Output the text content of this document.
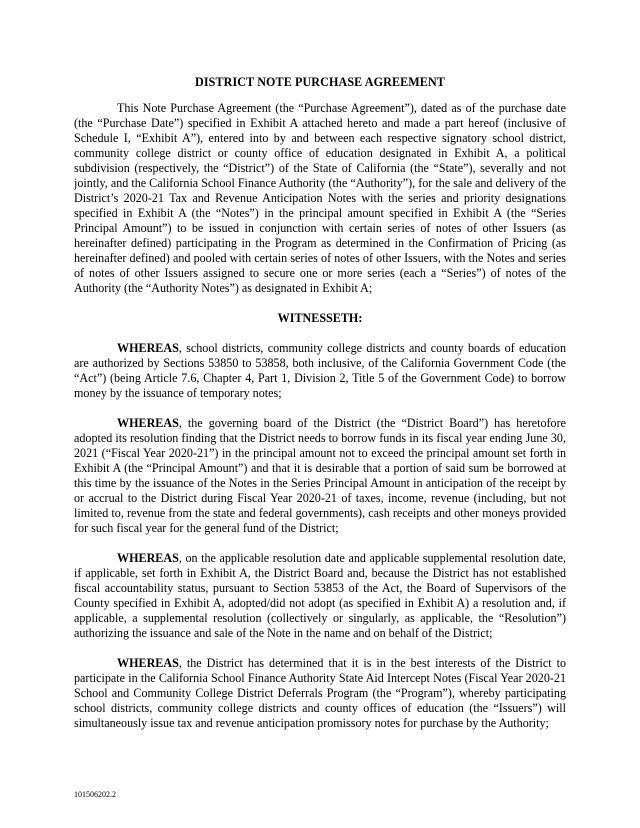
DISTRICT NOTE PURCHASE AGREEMENT

This Note Purchase Agreement (the “Purchase Agreement”), dated as of the purchase date (the “Purchase Date”) specified in Exhibit A attached hereto and made a part hereof (inclusive of Schedule I, “Exhibit A”), entered into by and between each respective signatory school district, community college district or county office of education designated in Exhibit A, a political subdivision (respectively, the “District”) of the State of California (the “State”), severally and not jointly, and the California School Finance Authority (the “Authority”), for the sale and delivery of the District’s 2020-21 Tax and Revenue Anticipation Notes with the series and priority designations specified in Exhibit A (the “Notes”) in the principal amount specified in Exhibit A (the “Series Principal Amount”) to be issued in conjunction with certain series of notes of other Issuers (as hereinafter defined) participating in the Program as determined in the Confirmation of Pricing (as hereinafter defined) and pooled with certain series of notes of other Issuers, with the Notes and series of notes of other Issuers assigned to secure one or more series (each a “Series”) of notes of the Authority (the “Authority Notes”) as designated in Exhibit A;

WITNESSETH:

WHEREAS, school districts, community college districts and county boards of education are authorized by Sections 53850 to 53858, both inclusive, of the California Government Code (the “Act”) (being Article 7.6, Chapter 4, Part 1, Division 2, Title 5 of the Government Code) to borrow money by the issuance of temporary notes;

WHEREAS, the governing board of the District (the “District Board”) has heretofore adopted its resolution finding that the District needs to borrow funds in its fiscal year ending June 30, 2021 (“Fiscal Year 2020-21”) in the principal amount not to exceed the principal amount set forth in Exhibit A (the “Principal Amount”) and that it is desirable that a portion of said sum be borrowed at this time by the issuance of the Notes in the Series Principal Amount in anticipation of the receipt by or accrual to the District during Fiscal Year 2020-21 of taxes, income, revenue (including, but not limited to, revenue from the state and federal governments), cash receipts and other moneys provided for such fiscal year for the general fund of the District;

WHEREAS, on the applicable resolution date and applicable supplemental resolution date, if applicable, set forth in Exhibit A, the District Board and, because the District has not established fiscal accountability status, pursuant to Section 53853 of the Act, the Board of Supervisors of the County specified in Exhibit A, adopted/did not adopt (as specified in Exhibit A) a resolution and, if applicable, a supplemental resolution (collectively or singularly, as applicable, the “Resolution”) authorizing the issuance and sale of the Note in the name and on behalf of the District;

WHEREAS, the District has determined that it is in the best interests of the District to participate in the California School Finance Authority State Aid Intercept Notes (Fiscal Year 2020-21 School and Community College District Deferrals Program (the “Program”), whereby participating school districts, community college districts and county offices of education (the “Issuers”) will simultaneously issue tax and revenue anticipation promissory notes for purchase by the Authority;

101506202.2
